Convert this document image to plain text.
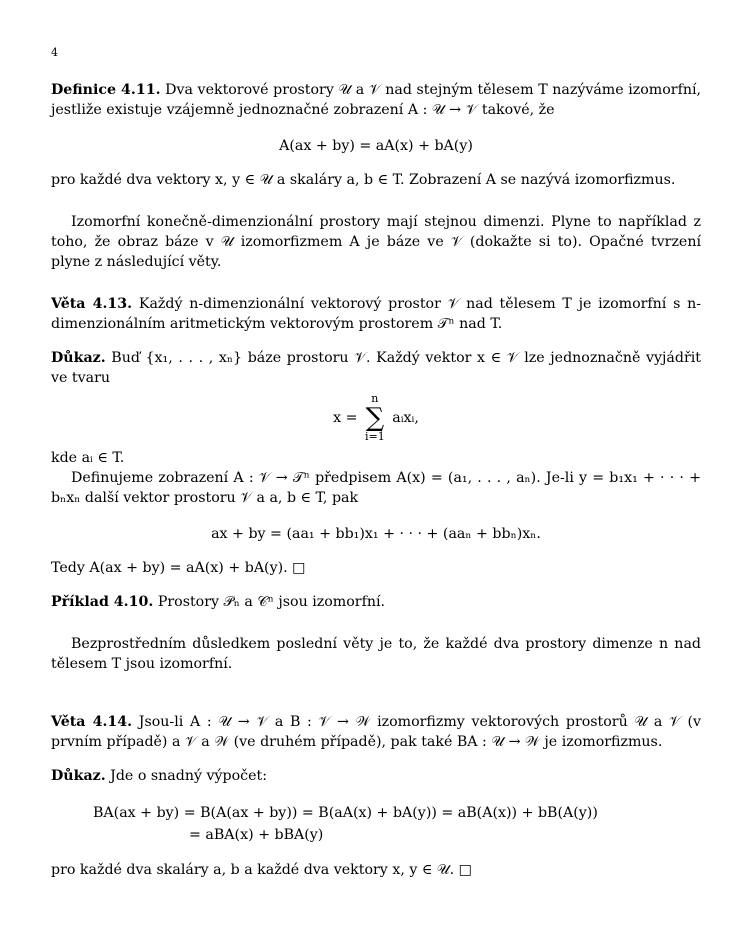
4

Definice 4.11. Dva vektorové prostory 𝒰 a 𝒱 nad stejným tělesem T nazýváme izomorfní, jestliže existuje vzájemně jednoznačné zobrazení A : 𝒰 → 𝒱 takové, že

A(ax + by) = aA(x) + bA(y)

pro každé dva vektory x, y ∈ 𝒰 a skaláry a, b ∈ T. Zobrazení A se nazývá izomorfizmus.

Izomorfní konečně-dimenzionální prostory mají stejnou dimenzi. Plyne to například z toho, že obraz báze v 𝒰 izomorfizmem A je báze ve 𝒱 (dokažte si to). Opačné tvrzení plyne z následující věty.

Věta 4.13. Každý n-dimenzionální vektorový prostor 𝒱 nad tělesem T je izomorfní s n-dimenzionálním aritmetickým vektorovým prostorem 𝒯ⁿ nad T.

Důkaz. Buď {x₁, . . . , xₙ} báze prostoru 𝒱. Každý vektor x ∈ 𝒱 lze jednoznačně vyjádřit ve tvaru

x =
n
∑
i=1
aᵢxᵢ,

kde aᵢ ∈ T.

Definujeme zobrazení A : 𝒱 → 𝒯ⁿ předpisem A(x) = (a₁, . . . , aₙ). Je-li y = b₁x₁ + · · · + bₙxₙ další vektor prostoru 𝒱 a a, b ∈ T, pak

ax + by = (aa₁ + bb₁)x₁ + · · · + (aaₙ + bbₙ)xₙ.

Tedy A(ax + by) = aA(x) + bA(y). □

Příklad 4.10. Prostory 𝒫ₙ a 𝒞ⁿ jsou izomorfní.

Bezprostředním důsledkem poslední věty je to, že každé dva prostory dimenze n nad tělesem T jsou izomorfní.

Věta 4.14. Jsou-li A : 𝒰 → 𝒱 a B : 𝒱 → 𝒲 izomorfizmy vektorových prostorů 𝒰 a 𝒱 (v prvním případě) a 𝒱 a 𝒲 (ve druhém případě), pak také BA : 𝒰 → 𝒲 je izomorfizmus.

Důkaz. Jde o snadný výpočet:

BA(ax + by) = B(A(ax + by)) = B(aA(x) + bA(y)) = aB(A(x)) + bB(A(y))
= aBA(x) + bBA(y)

pro každé dva skaláry a, b a každé dva vektory x, y ∈ 𝒰. □
